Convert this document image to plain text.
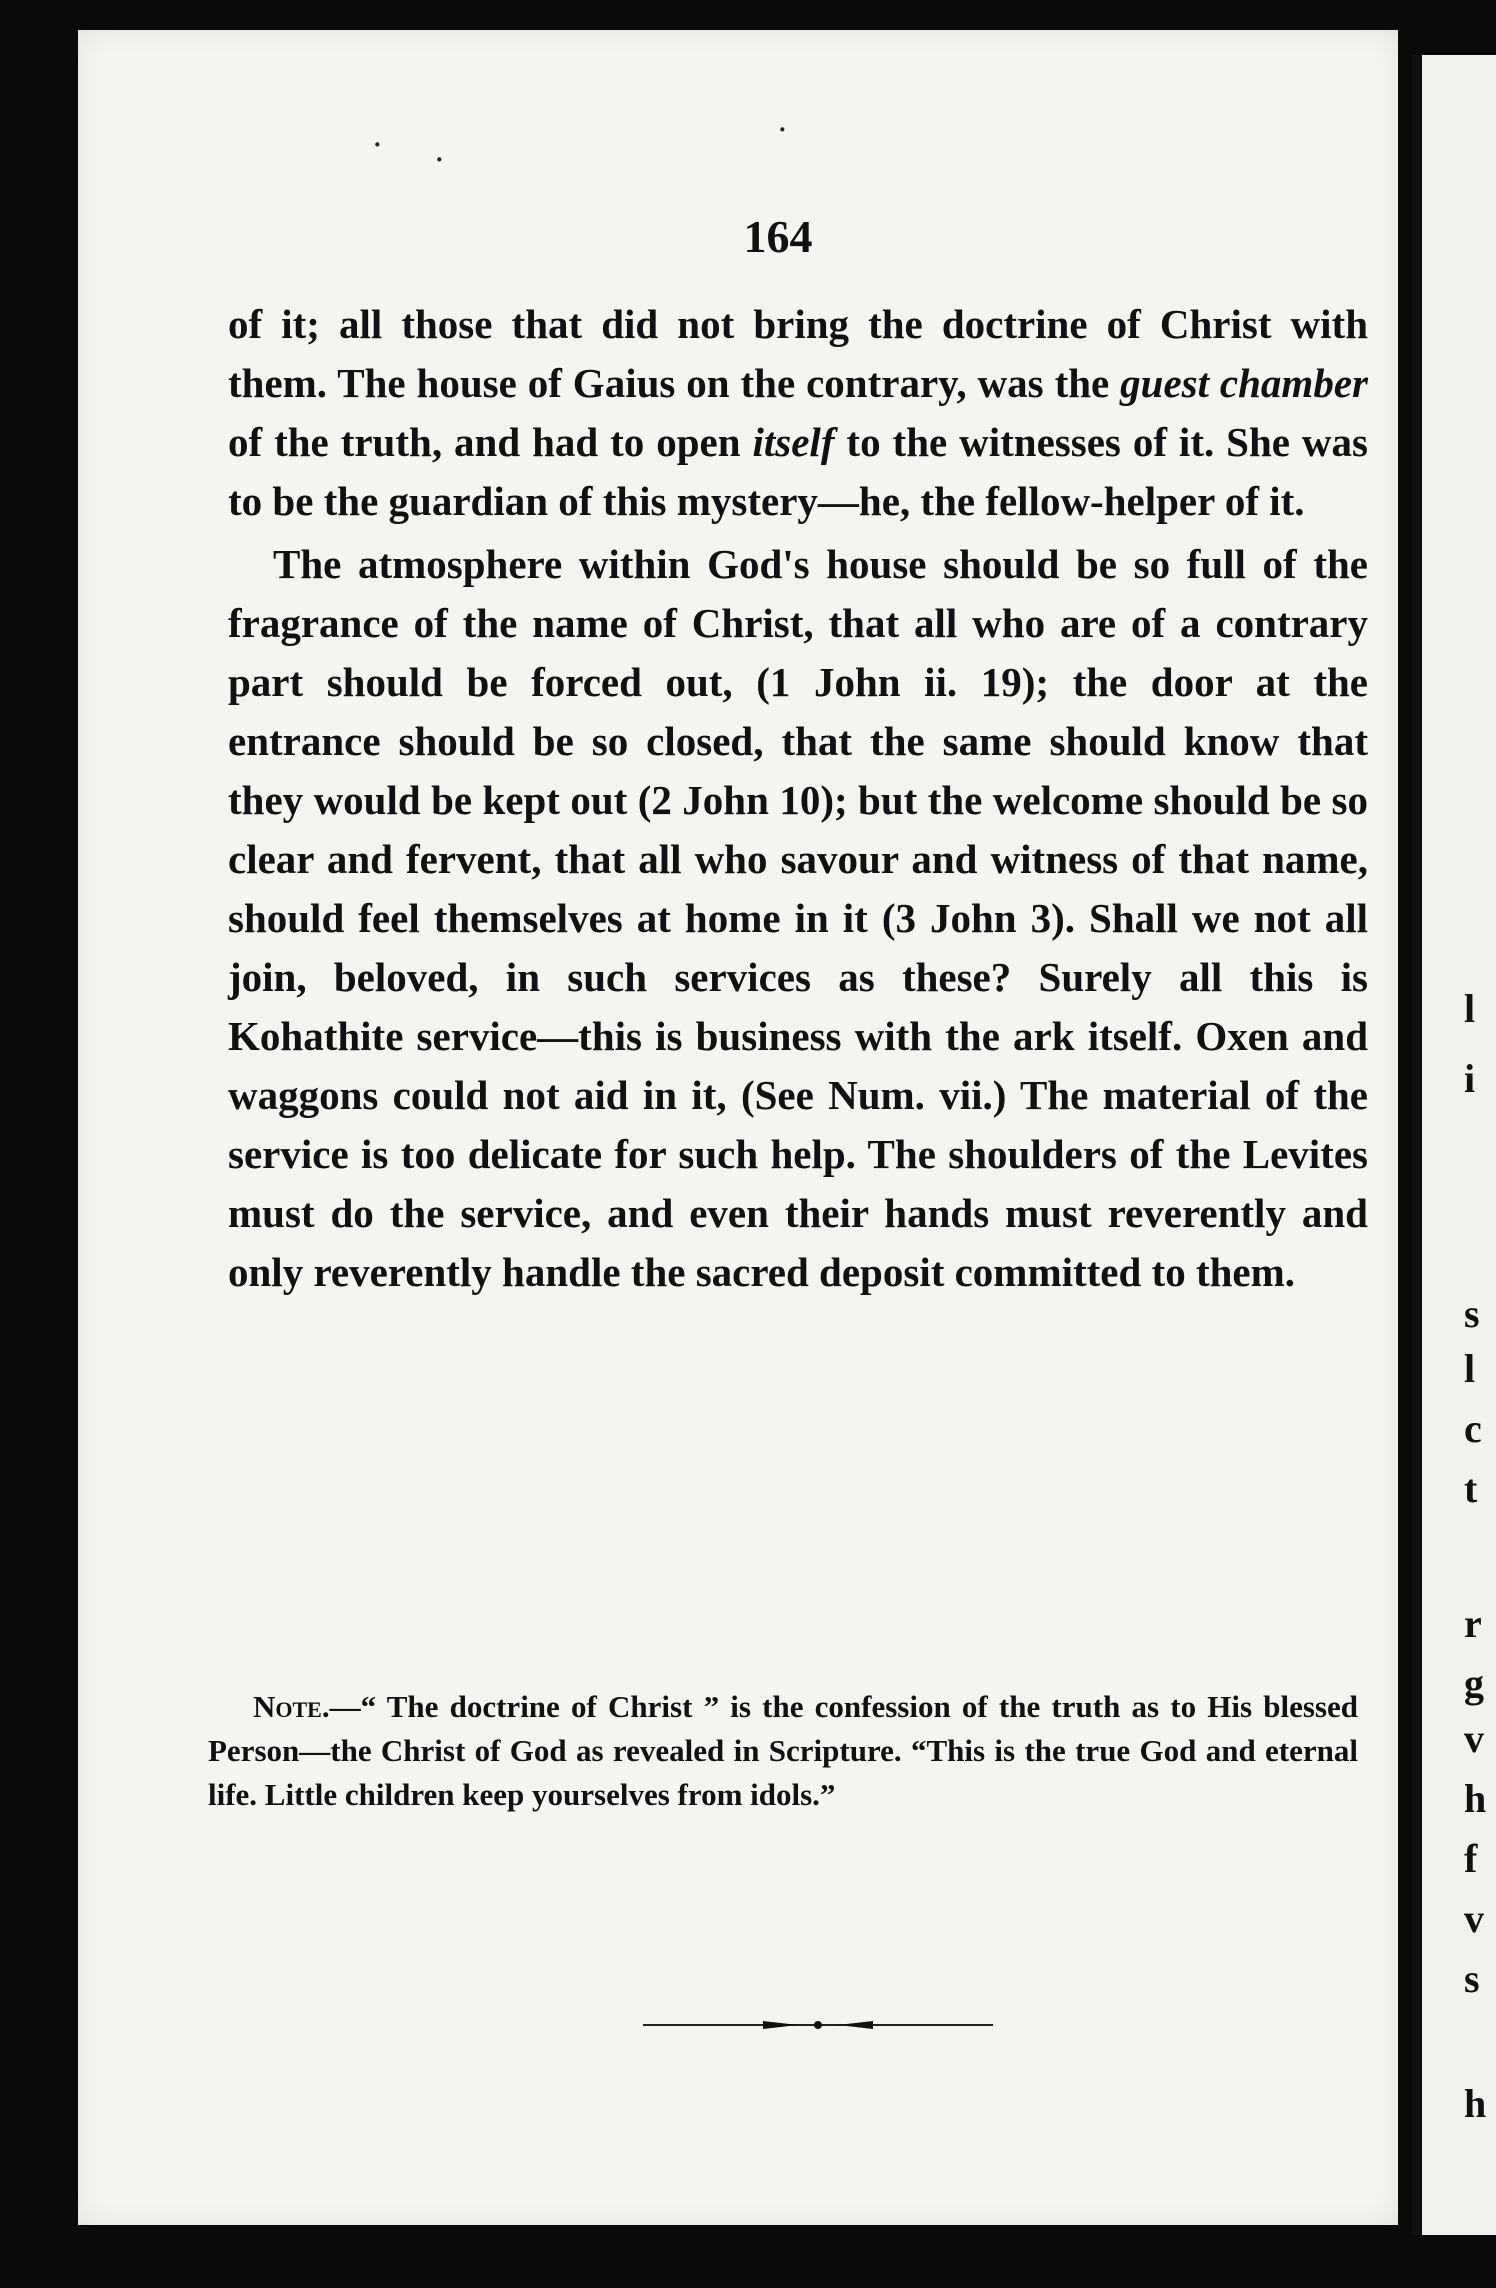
·
·
·
164

of it; all those that did not bring the doctrine of Christ with them. The house of Gaius on the contrary, was the guest chamber of the truth, and had to open itself to the witnesses of it. She was to be the guardian of this mystery—he, the fellow-helper of it.

The atmosphere within God's house should be so full of the fragrance of the name of Christ, that all who are of a contrary part should be forced out, (1 John ii. 19); the door at the entrance should be so closed, that the same should know that they would be kept out (2 John 10); but the welcome should be so clear and fervent, that all who savour and witness of that name, should feel themselves at home in it (3 John 3). Shall we not all join, beloved, in such services as these? Surely all this is Kohathite service—this is business with the ark itself. Oxen and waggons could not aid in it, (See Num. vii.) The material of the service is too delicate for such help. The shoulders of the Levites must do the service, and even their hands must reverently and only reverently handle the sacred deposit committed to them.

Note.—“ The doctrine of Christ ” is the confession of the truth as to His blessed Person—the Christ of God as revealed in Scripture. “This is the true God and eternal life. Little children keep yourselves from idols.”
l
i
s
l
c
t
r
g
v
h
f
v
s
h
